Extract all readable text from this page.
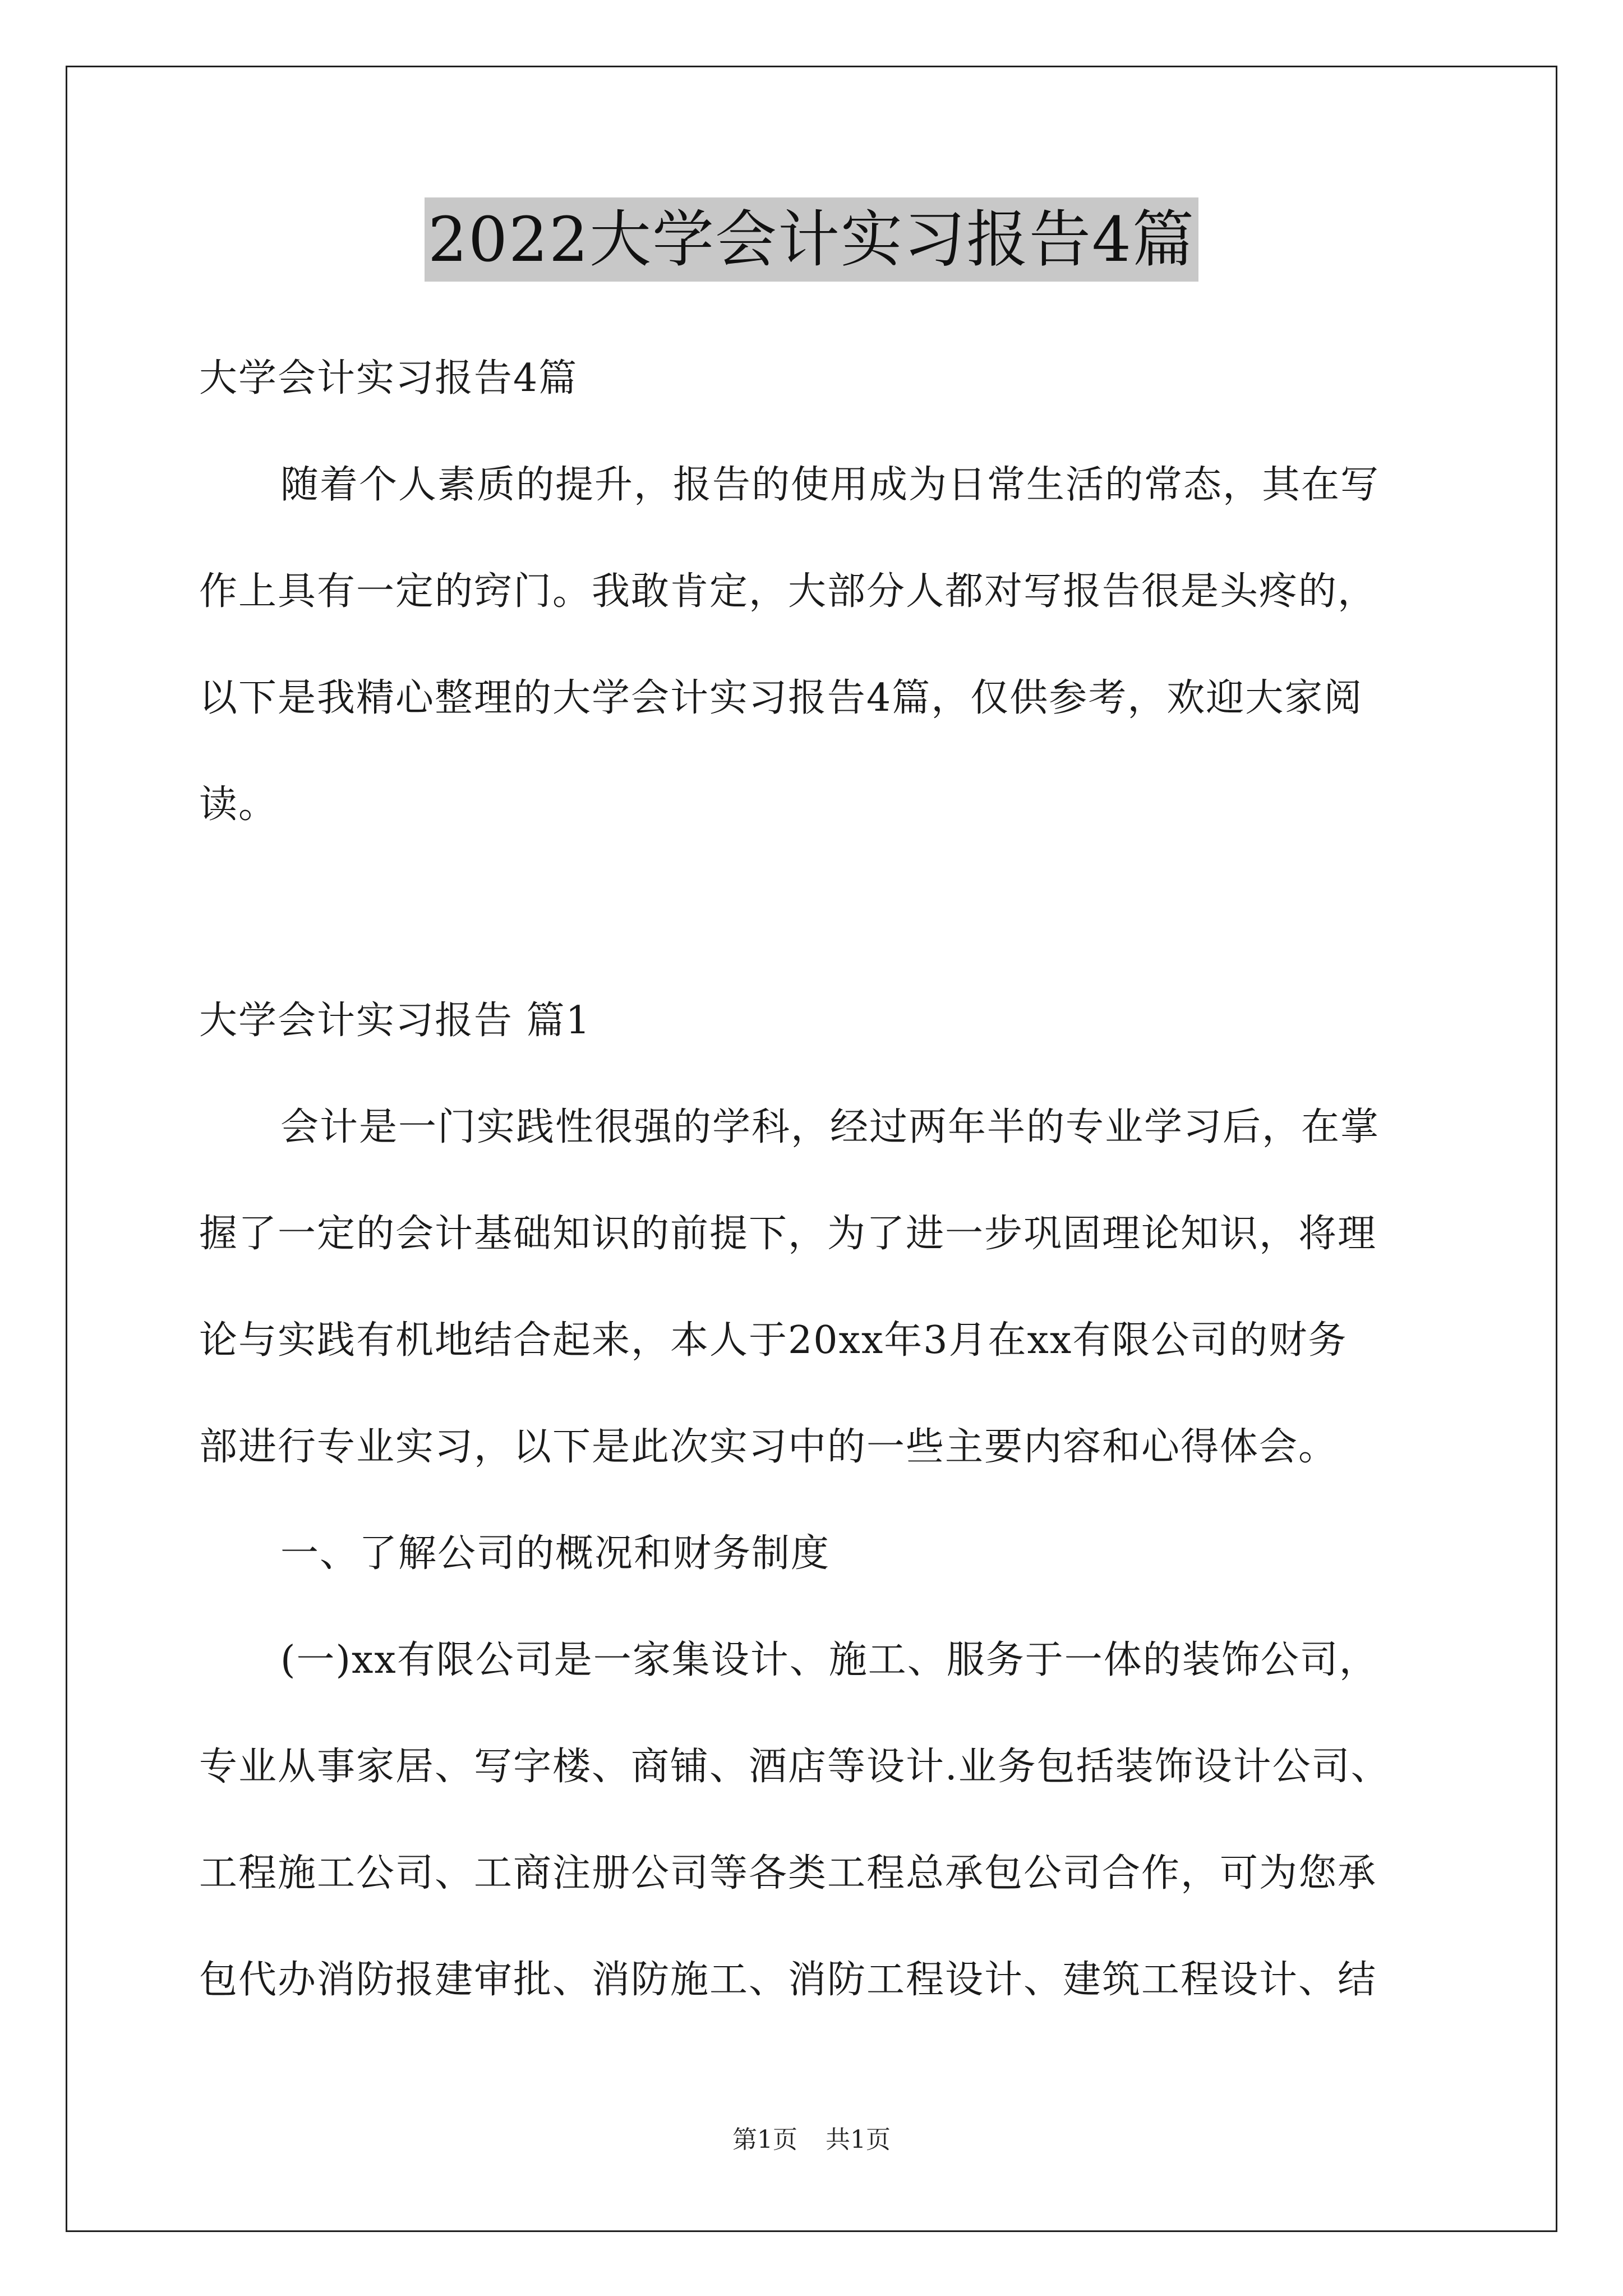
2022大学会计实习报告4篇
大学会计实习报告4篇
随着个人素质的提升，报告的使用成为日常生活的常态，其在写
作上具有一定的窍门。我敢肯定，大部分人都对写报告很是头疼的，
以下是我精心整理的大学会计实习报告4篇，仅供参考，欢迎大家阅
读。
大学会计实习报告 篇1
会计是一门实践性很强的学科，经过两年半的专业学习后，在掌
握了一定的会计基础知识的前提下，为了进一步巩固理论知识，将理
论与实践有机地结合起来，本人于20xx年3月在xx有限公司的财务
部进行专业实习，以下是此次实习中的一些主要内容和心得体会。
一、了解公司的概况和财务制度
(一)xx有限公司是一家集设计、施工、服务于一体的装饰公司，
专业从事家居、写字楼、商铺、酒店等设计.业务包括装饰设计公司、
工程施工公司、工商注册公司等各类工程总承包公司合作，可为您承
包代办消防报建审批、消防施工、消防工程设计、建筑工程设计、结
第1页 共1页
